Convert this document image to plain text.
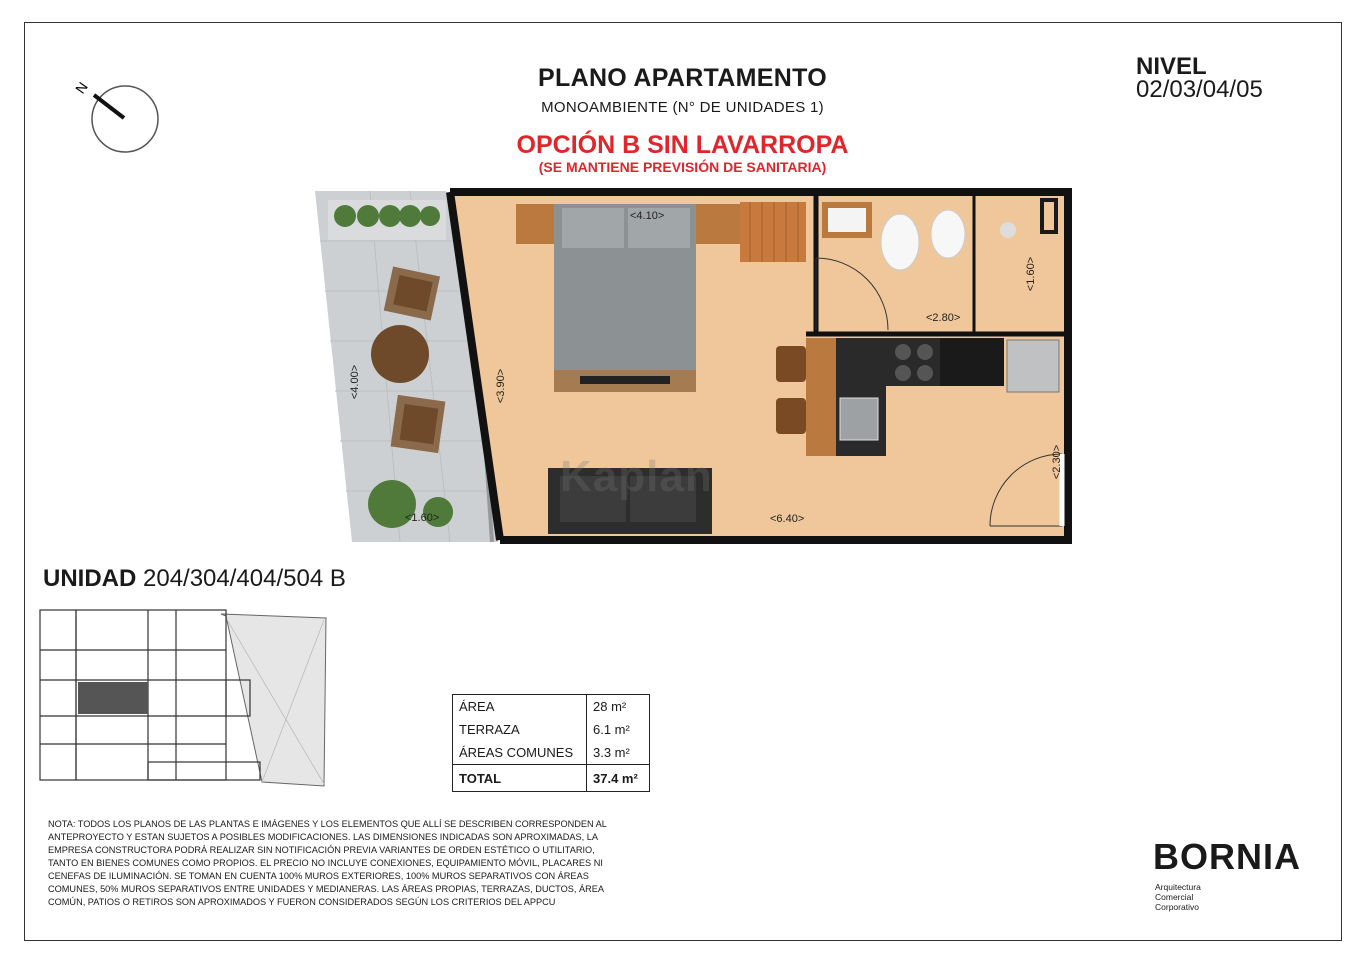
N	PLANO APARTAMENTO
MONOAMBIENTE (N° DE UNIDADES 1)
OPCIÓN B SIN LAVARROPA
(SE MANTIENE PREVISIÓN DE SANITARIA)
NIVEL
02/03/04/05
Kaplan
<4.10>
<2.80>
<1.60>
<4.00>	<3.90>
<1.60>	<6.40>
<2.30>
UNIDAD 204/304/404/504 B
ÁREA	28 m²
TERRAZA	6.1 m²
ÁREAS COMUNES	3.3 m²
TOTAL	37.4 m²
NOTA: TODOS LOS PLANOS DE LAS PLANTAS E IMÁGENES Y LOS ELEMENTOS QUE ALLÍ SE DESCRIBEN CORRESPONDEN AL ANTEPROYECTO Y ESTAN SUJETOS A POSIBLES MODIFICACIONES. LAS DIMENSIONES INDICADAS SON APROXIMADAS, LA EMPRESA CONSTRUCTORA PODRÁ REALIZAR SIN NOTIFICACIÓN PREVIA VARIANTES DE ORDEN ESTÉTICO O UTILITARIO, TANTO EN BIENES COMUNES COMO PROPIOS. EL PRECIO NO INCLUYE CONEXIONES, EQUIPAMIENTO MÓVIL, PLACARES NI CENEFAS DE ILUMINACIÓN. SE TOMAN EN CUENTA 100% MUROS EXTERIORES, 100% MUROS SEPARATIVOS CON ÁREAS COMUNES, 50% MUROS SEPARATIVOS ENTRE UNIDADES Y MEDIANERAS. LAS ÁREAS PROPIAS, TERRAZAS, DUCTOS, ÁREA COMÚN, PATIOS O RETIROS SON APROXIMADOS Y FUERON CONSIDERADOS SEGÚN LOS CRITERIOS DEL APPCU
BORNIA
Arquitectura
Comercial
Corporativo
